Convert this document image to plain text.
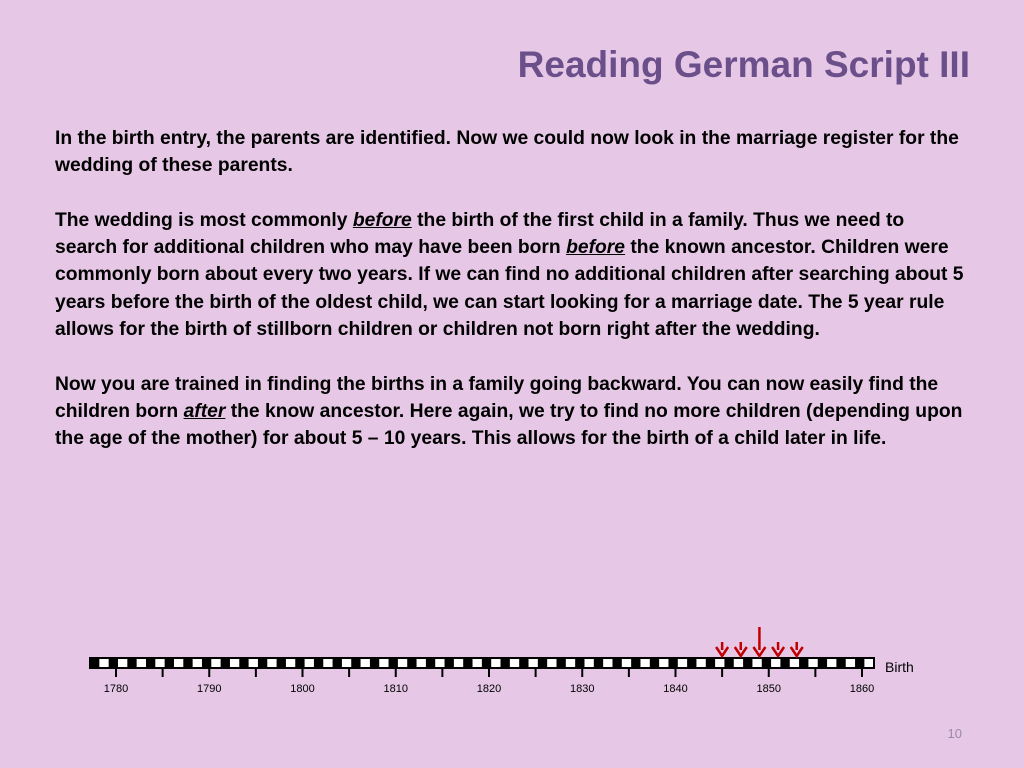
Reading German Script III

In the birth entry, the parents are identified. Now we could now look in the marriage register for the wedding of these parents.

The wedding is most commonly before the birth of the first child in a family. Thus we need to search for additional children who may have been born before the known ancestor. Children were commonly born about every two years. If we can find no additional children after searching about 5 years before the birth of the oldest child, we can start looking for a marriage date. The 5 year rule allows for the birth of stillborn children or children not born right after the wedding.

Now you are trained in finding the births in a family going backward. You can now easily find the children born after the know ancestor. Here again, we try to find no more children (depending upon the age of the mother) for about 5 – 10 years. This allows for the birth of a child later in life.

1780	1790	1800	1810	1820	1830	1840	1850	1860
Birth
10
